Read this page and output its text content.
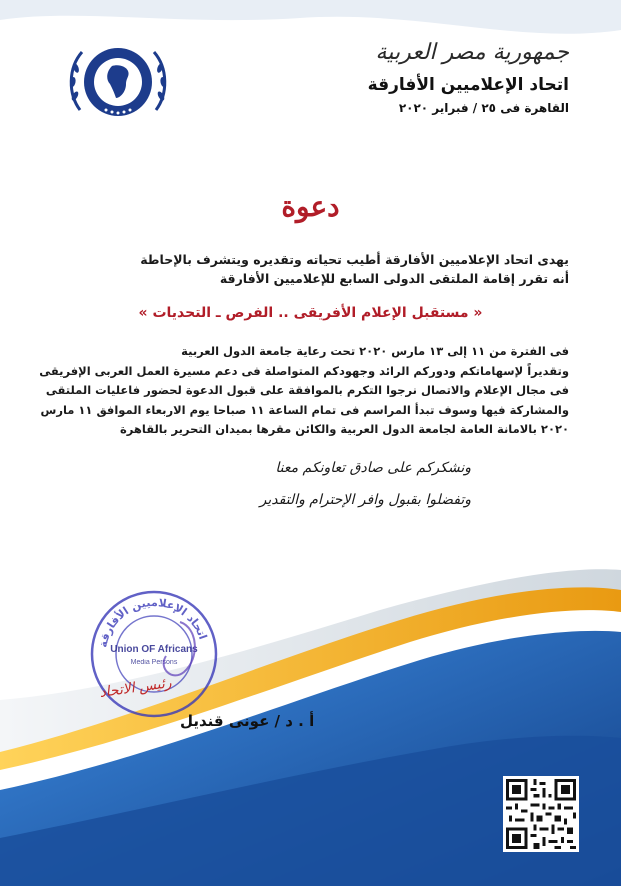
جمهورية مصر العربية
اتحاد الإعلاميين الأفارقة
القاهرة فى ٢٥ / فبراير ٢٠٢٠
دعوة

يهدى اتحاد الإعلاميين الأفارقة أطيب تحياته وتقديره ويتشرف بالإحاطة

أنه تقرر إقامة الملتقى الدولى السابع للإعلاميين الأفارقة

« مستقبل الإعلام الأفريقى .. الفرص ـ التحديات »

فى الفترة من ١١ إلى ١٣ مارس ٢٠٢٠ تحت رعاية جامعة الدول العربية

وتقديراً لإسهاماتكم ودوركم الرائد وجهودكم المتواصلة فى دعم مسيرة العمل العربى الإفريقى

فى مجال الإعلام والاتصال نرجوا التكرم بالموافقة على قبول الدعوة لحضور فاعليات الملتقى

والمشاركة فيها وسوف تبدأ المراسم فى تمام الساعة ١١ صباحا يوم الاربعاء الموافق ١١ مارس

٢٠٢٠ بالامانة العامة لجامعة الدول العربية والكائن مقرها بميدان التحرير بالقاهرة

ونشكركم على صادق تعاونكم معنا

وتفضلوا بقبول وافر الإحترام والتقدير

اتحاد الإعلاميين الأفارقة
Union OF Africans
Media Persons
رئيس الاتحاد
أ . د / عونى قنديل
